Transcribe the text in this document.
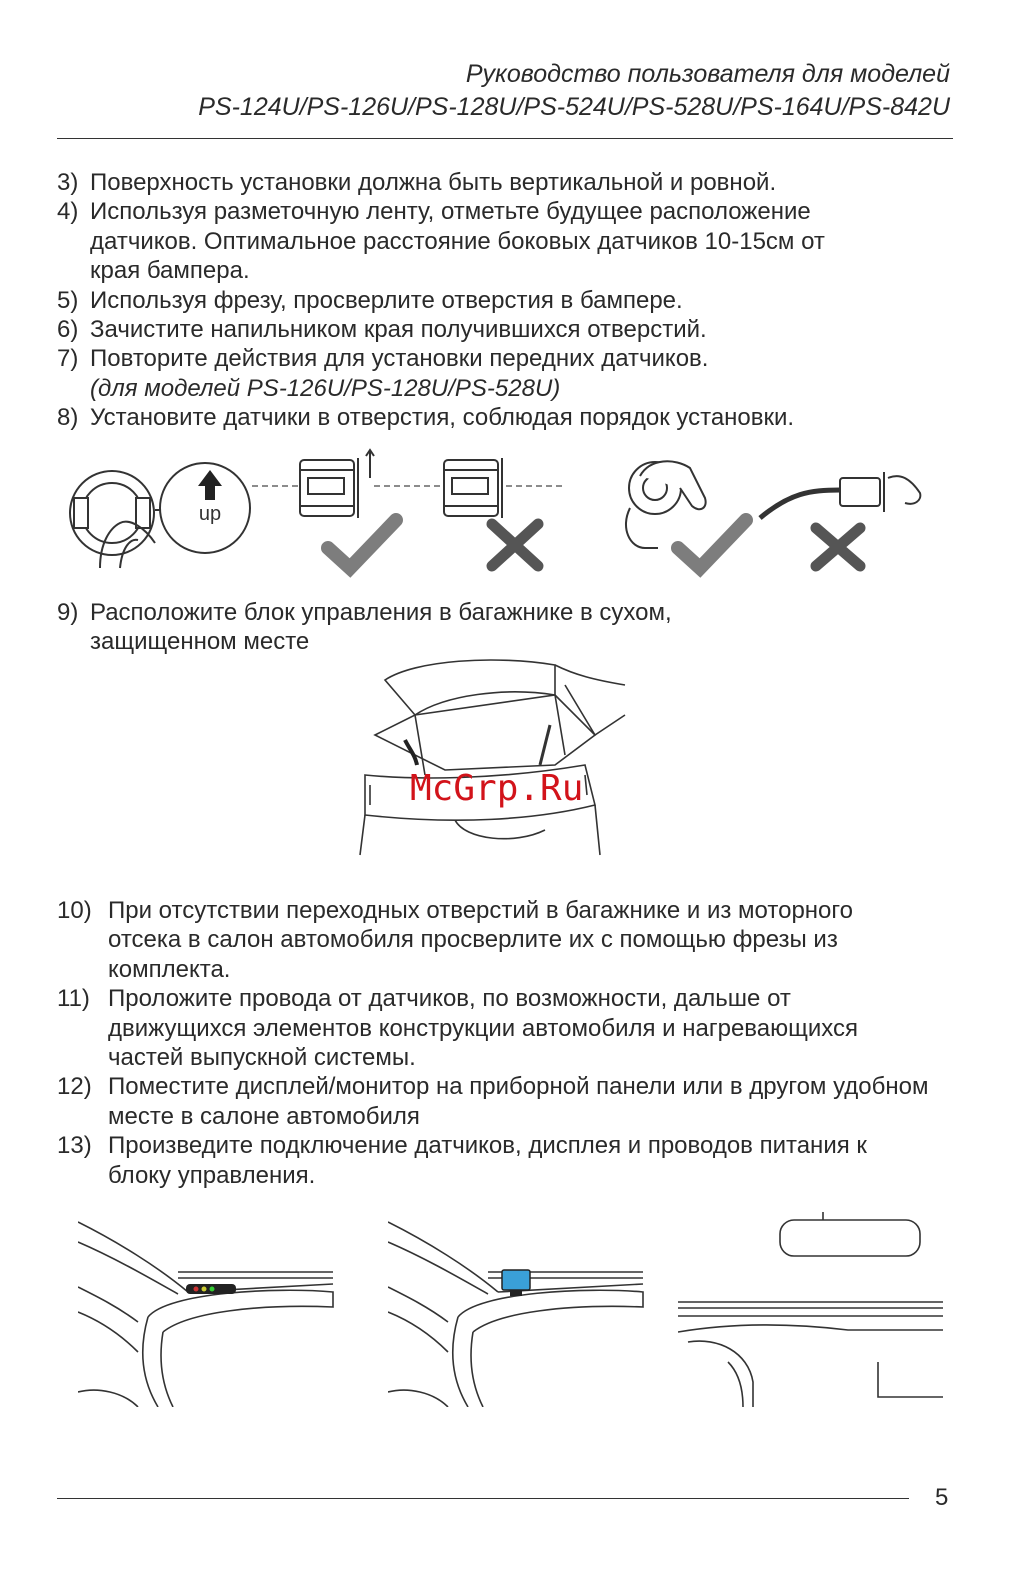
Руководство пользователя для моделей
PS-124U/PS-126U/PS-128U/PS-524U/PS-528U/PS-164U/PS-842U
3) Поверхность установки должна быть вертикальной и ровной.
4) Используя разметочную ленту, отметьте будущее расположение датчиков. Оптимальное расстояние боковых датчиков 10-15см от края бампера.
5) Используя фрезу, просверлите отверстия в бампере.
6) Зачистите напильником края получившихся отверстий.
7) Повторите действия для установки передних датчиков.
(для моделей PS-126U/PS-128U/PS-528U)
8) Установите датчики в отверстия, соблюдая порядок установки.
up
9) Расположите блок управления в багажнике в сухом, защищенном месте
McGrp.Ru
10) При отсутствии переходных отверстий в багажнике и из моторного отсека в салон автомобиля просверлите их с помощью фрезы из комплекта.
11) Проложите провода от датчиков, по возможности, дальше от движущихся элементов конструкции автомобиля и нагревающихся частей выпускной системы.
12) Поместите дисплей/монитор на приборной панели или в другом удобном месте в салоне автомобиля
13) Произведите подключение датчиков, дисплея и проводов питания к блоку управления.
5
